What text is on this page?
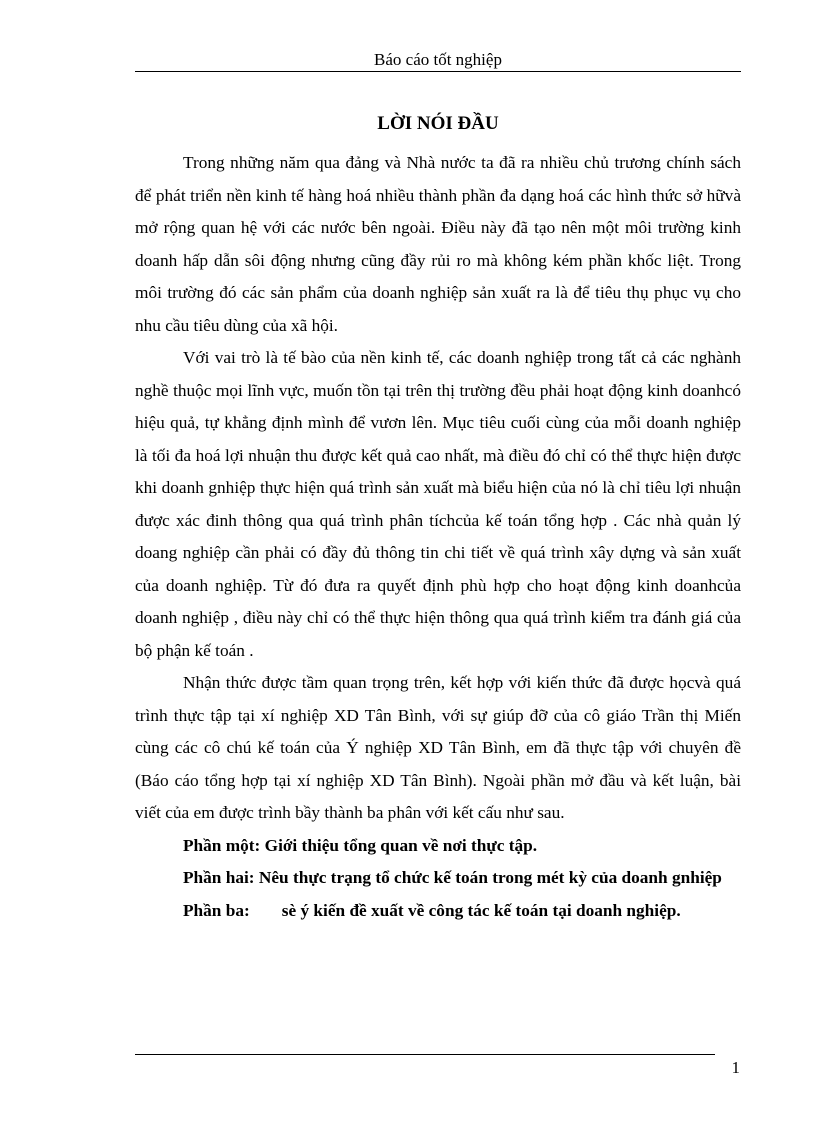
Báo cáo tốt nghiệp
LỜI NÓI ĐẦU

Trong những năm qua đảng và Nhà nước ta đã ra nhiều chủ trương chính sách để phát triển nền kinh tế hàng hoá nhiều thành phần đa dạng hoá các hình thức sở hữvà mở rộng quan hệ với các nước bên ngoài. Điều này đã tạo nên một môi trường kinh doanh hấp dẫn sôi động nhưng cũng đầy rủi ro mà không kém phần khốc liệt. Trong môi trường đó các sản phẩm của doanh nghiệp sản xuất ra là để tiêu thụ phục vụ cho nhu cầu tiêu dùng của xã hội.

Với vai trò là tế bào của nền kinh tế, các doanh nghiệp trong tất cả các nghành nghề thuộc mọi lĩnh vực, muốn tồn tại trên thị trường đều phải hoạt động kinh doanhcó hiệu quả, tự khẳng định mình để vươn lên. Mục tiêu cuối cùng của mỗi doanh nghiệp là tối đa hoá lợi nhuận thu được kết quả cao nhất, mà điều đó chỉ có thể thực hiện được khi doanh gnhiệp thực hiện quá trình sản xuất mà biểu hiện của nó là chỉ tiêu lợi nhuận được xác đinh thông qua quá trình phân tíchcủa kế toán tổng hợp . Các nhà quản lý doang nghiệp cần phải có đầy đủ thông tin chi tiết về quá trình xây dựng và sản xuất của doanh nghiệp. Từ đó đưa ra quyết định phù hợp cho hoạt động kinh doanhcủa doanh nghiệp , điều này chỉ có thể thực hiện thông qua quá trình kiểm tra đánh giá của bộ phận kế toán .

Nhận thức được tầm quan trọng trên, kết hợp với kiến thức đã được họcvà quá trình thực tập tại xí nghiệp XD Tân Bình, với sự giúp đỡ của cô giáo Trần thị Miến cùng các cô chú kế toán của Ý nghiệp XD Tân Bình, em đã thực tập với chuyên đề (Báo cáo tổng hợp tại xí nghiệp XD Tân Bình). Ngoài phần mở đầu và kết luận, bài viết của em được trình bầy thành ba phân với kết cấu như sau.

Phần một: Giới thiệu tổng quan về nơi thực tập.

Phần hai: Nêu thực trạng tổ chức kế toán trong mét kỳ của doanh gnhiệp

Phần ba: sè ý kiến đề xuất về công tác kế toán tại doanh nghiệp.

1
